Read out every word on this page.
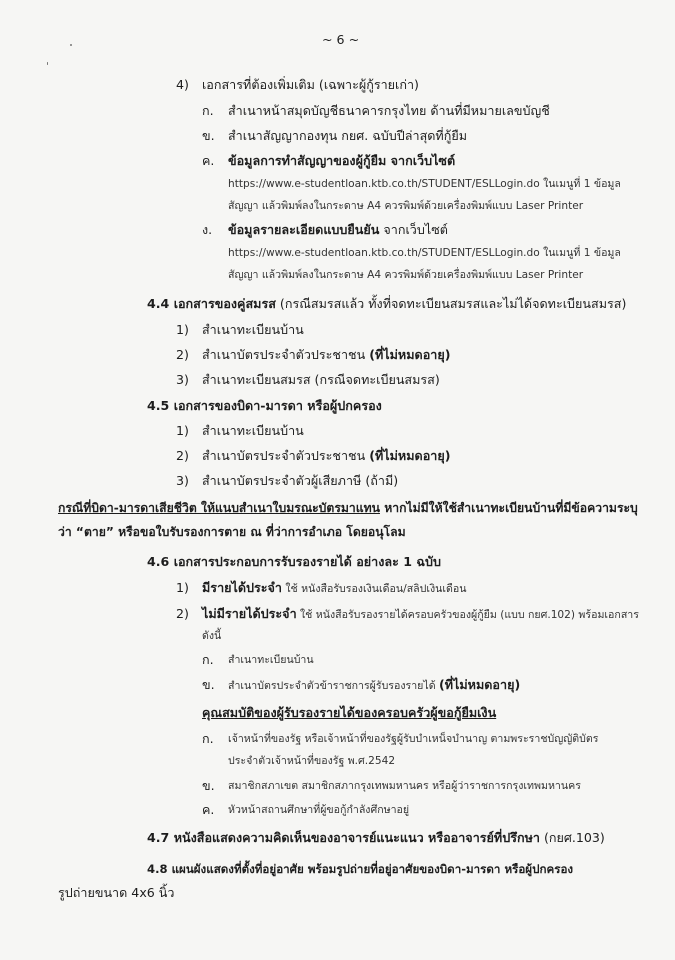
~ 6 ~
4) เอกสารที่ต้องเพิ่มเติม (เฉพาะผู้กู้รายเก่า)
ก. สำเนาหน้าสมุดบัญชีธนาคารกรุงไทย ด้านที่มีหมายเลขบัญชี
ข. สำเนาสัญญากองทุน กยศ. ฉบับปีล่าสุดที่กู้ยืม
ค. ข้อมูลการทำสัญญาของผู้กู้ยืม จากเว็บไซต์
https://www.e-studentloan.ktb.co.th/STUDENT/ESLLogin.do ในเมนูที่ 1 ข้อมูล
สัญญา แล้วพิมพ์ลงในกระดาษ A4 ควรพิมพ์ด้วยเครื่องพิมพ์แบบ Laser Printer
ง. ข้อมูลรายละเอียดแบบยืนยัน จากเว็บไซต์
https://www.e-studentloan.ktb.co.th/STUDENT/ESLLogin.do ในเมนูที่ 1 ข้อมูล
สัญญา แล้วพิมพ์ลงในกระดาษ A4 ควรพิมพ์ด้วยเครื่องพิมพ์แบบ Laser Printer
4.4 เอกสารของคู่สมรส (กรณีสมรสแล้ว ทั้งที่จดทะเบียนสมรสและไม่ได้จดทะเบียนสมรส)
1) สำเนาทะเบียนบ้าน
2) สำเนาบัตรประจำตัวประชาชน (ที่ไม่หมดอายุ)
3) สำเนาทะเบียนสมรส (กรณีจดทะเบียนสมรส)
4.5 เอกสารของบิดา-มารดา หรือผู้ปกครอง
1) สำเนาทะเบียนบ้าน
2) สำเนาบัตรประจำตัวประชาชน (ที่ไม่หมดอายุ)
3) สำเนาบัตรประจำตัวผู้เสียภาษี (ถ้ามี)
กรณีที่บิดา-มารดาเสียชีวิต ให้แนบสำเนาใบมรณะบัตรมาแทน หากไม่มีให้ใช้สำเนาทะเบียนบ้านที่มีข้อความระบุ
ว่า “ตาย” หรือขอใบรับรองการตาย ณ ที่ว่าการอำเภอ โดยอนุโลม
4.6 เอกสารประกอบการรับรองรายได้ อย่างละ 1 ฉบับ
1) มีรายได้ประจำ ใช้ หนังสือรับรองเงินเดือน/สลิปเงินเดือน
2) ไม่มีรายได้ประจำ ใช้ หนังสือรับรองรายได้ครอบครัวของผู้กู้ยืม (แบบ กยศ.102) พร้อมเอกสาร
ดังนี้
ก. สำเนาทะเบียนบ้าน
ข. สำเนาบัตรประจำตัวข้าราชการผู้รับรองรายได้ (ที่ไม่หมดอายุ)
คุณสมบัติของผู้รับรองรายได้ของครอบครัวผู้ขอกู้ยืมเงิน
ก. เจ้าหน้าที่ของรัฐ หรือเจ้าหน้าที่ของรัฐผู้รับบำเหน็จบำนาญ ตามพระราชบัญญัติบัตร
ประจำตัวเจ้าหน้าที่ของรัฐ พ.ศ.2542
ข. สมาชิกสภาเขต สมาชิกสภากรุงเทพมหานคร หรือผู้ว่าราชการกรุงเทพมหานคร
ค. หัวหน้าสถานศึกษาที่ผู้ขอกู้กำลังศึกษาอยู่
4.7 หนังสือแสดงความคิดเห็นของอาจารย์แนะแนว หรืออาจารย์ที่ปรึกษา (กยศ.103)
4.8 แผนผังแสดงที่ตั้งที่อยู่อาศัย พร้อมรูปถ่ายที่อยู่อาศัยของบิดา-มารดา หรือผู้ปกครอง
รูปถ่ายขนาด 4x6 นิ้ว
